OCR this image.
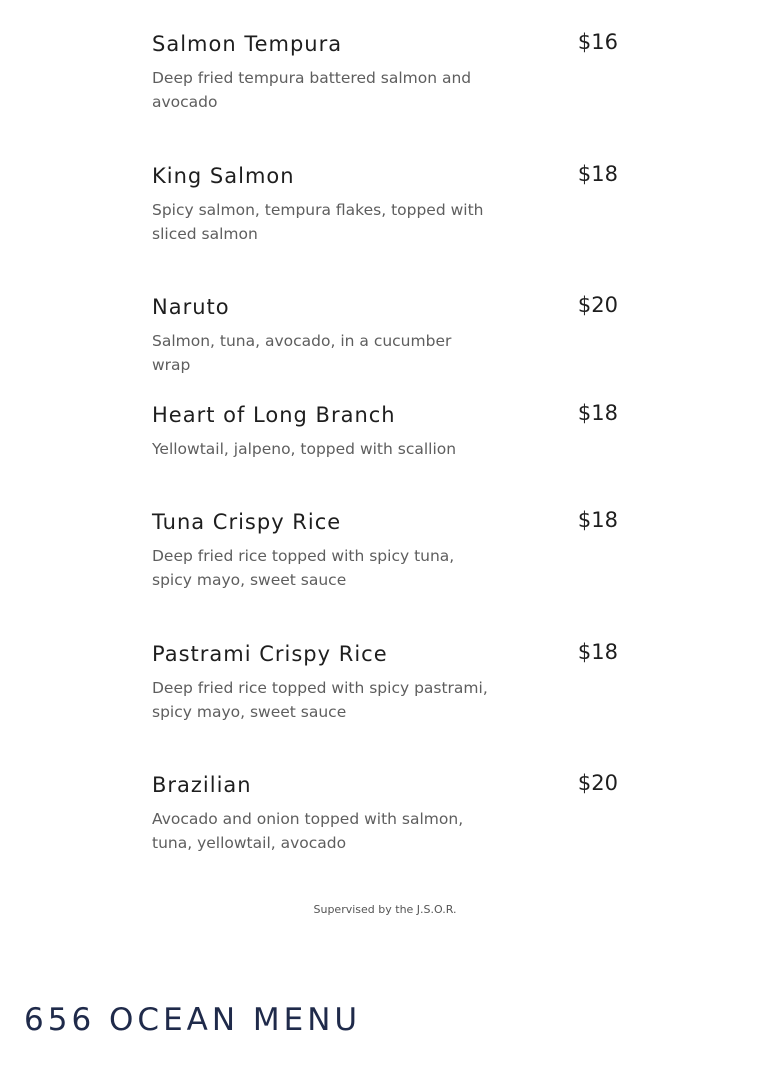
Salmon Tempura	$16
Deep fried tempura battered salmon and avocado
King Salmon	$18
Spicy salmon, tempura flakes, topped with sliced salmon
Naruto	$20
Salmon, tuna, avocado, in a cucumber wrap
Heart of Long Branch	$18
Yellowtail, jalpeno, topped with scallion
Tuna Crispy Rice	$18
Deep fried rice topped with spicy tuna, spicy mayo, sweet sauce
Pastrami Crispy Rice	$18
Deep fried rice topped with spicy pastrami, spicy mayo, sweet sauce
Brazilian	$20
Avocado and onion topped with salmon, tuna, yellowtail, avocado
Supervised by the J.S.O.R.
656 OCEAN MENU
